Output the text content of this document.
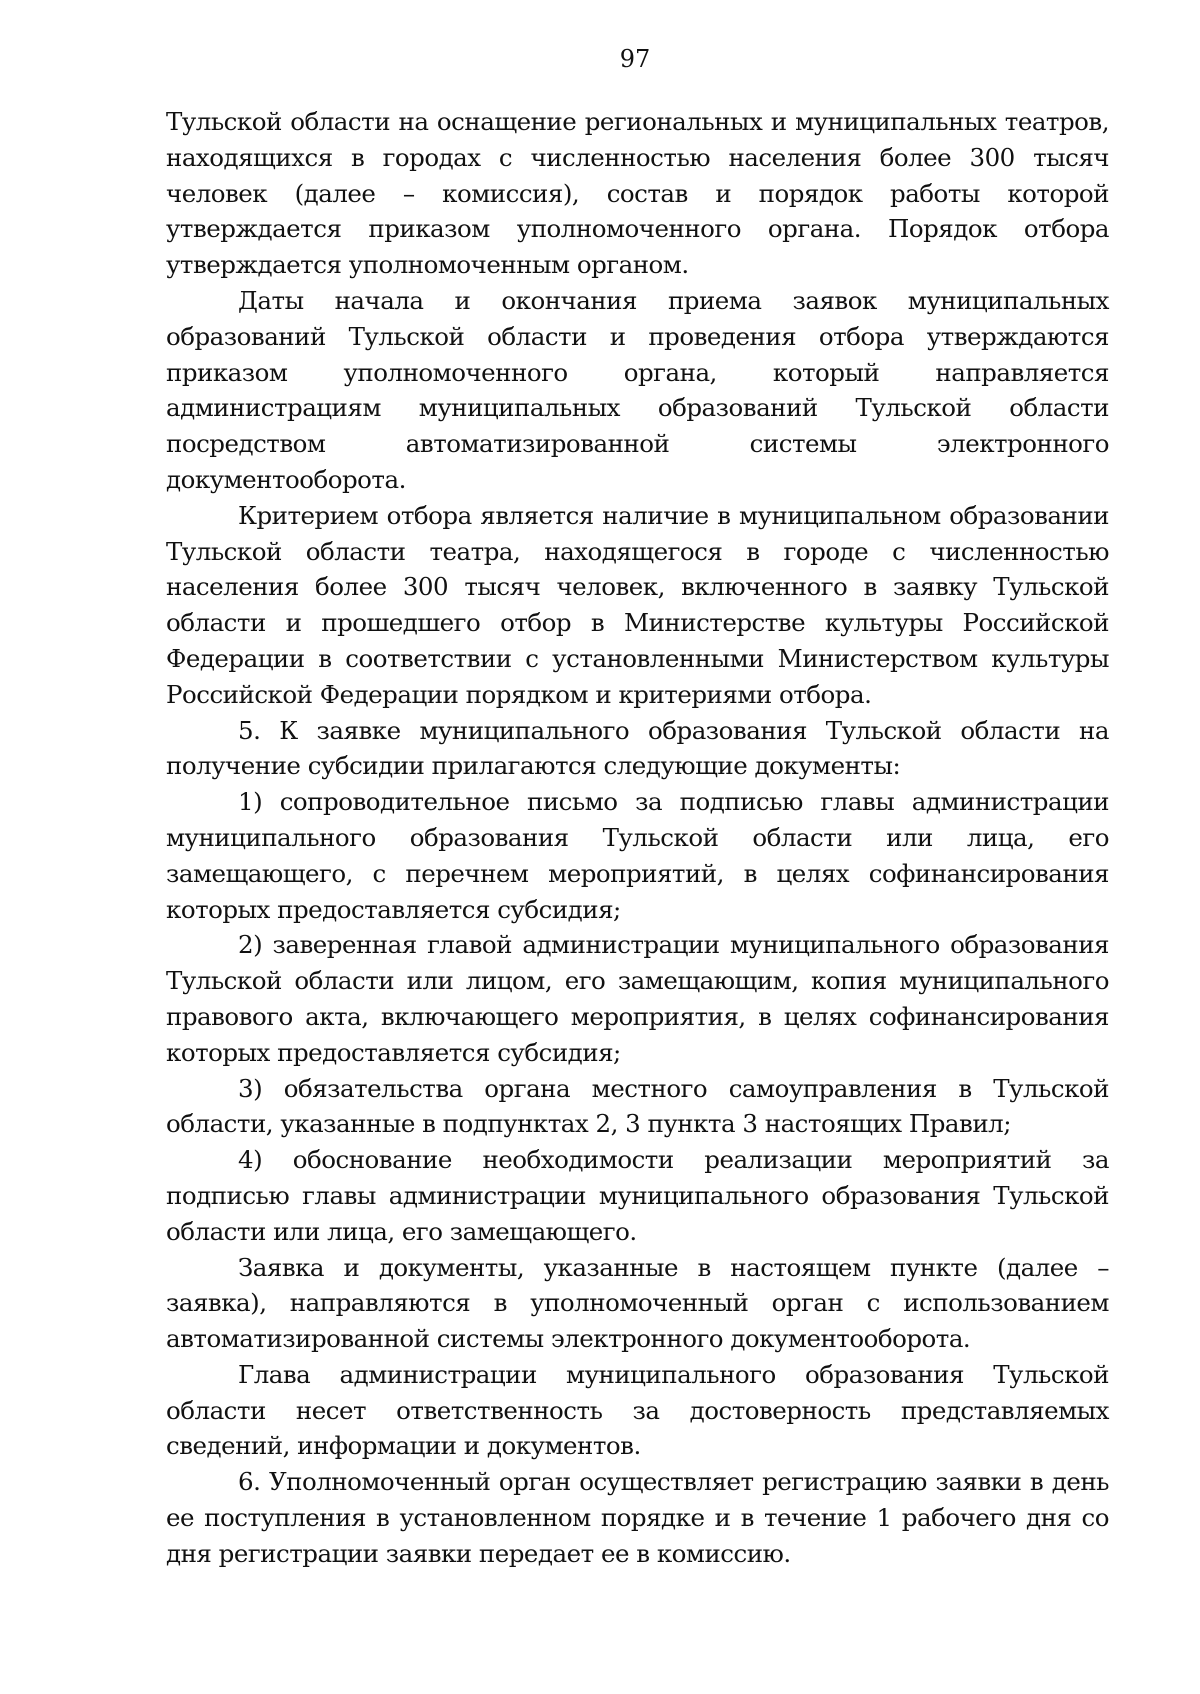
97

Тульской области на оснащение региональных и муниципальных театров, находящихся в городах с численностью населения более 300 тысяч человек (далее – комиссия), состав и порядок работы которой утверждается приказом уполномоченного органа. Порядок отбора утверждается уполномоченным органом.

Даты начала и окончания приема заявок муниципальных образований Тульской области и проведения отбора утверждаются приказом уполномоченного органа, который направляется администрациям муниципальных образований Тульской области посредством автоматизированной системы электронного документооборота.

Критерием отбора является наличие в муниципальном образовании Тульской области театра, находящегося в городе с численностью населения более 300 тысяч человек, включенного в заявку Тульской области и прошедшего отбор в Министерстве культуры Российской Федерации в соответствии с установленными Министерством культуры Российской Федерации порядком и критериями отбора.

5. К заявке муниципального образования Тульской области на получение субсидии прилагаются следующие документы:

1) сопроводительное письмо за подписью главы администрации муниципального образования Тульской области или лица, его замещающего, с перечнем мероприятий, в целях софинансирования которых предоставляется субсидия;

2) заверенная главой администрации муниципального образования Тульской области или лицом, его замещающим, копия муниципального правового акта, включающего мероприятия, в целях софинансирования которых предоставляется субсидия;

3) обязательства органа местного самоуправления в Тульской области, указанные в подпунктах 2, 3 пункта 3 настоящих Правил;

4) обоснование необходимости реализации мероприятий за подписью главы администрации муниципального образования Тульской области или лица, его замещающего.

Заявка и документы, указанные в настоящем пункте (далее – заявка), направляются в уполномоченный орган с использованием автоматизированной системы электронного документооборота.

Глава администрации муниципального образования Тульской области несет ответственность за достоверность представляемых сведений, информации и документов.

6. Уполномоченный орган осуществляет регистрацию заявки в день ее поступления в установленном порядке и в течение 1 рабочего дня со дня регистрации заявки передает ее в комиссию.
